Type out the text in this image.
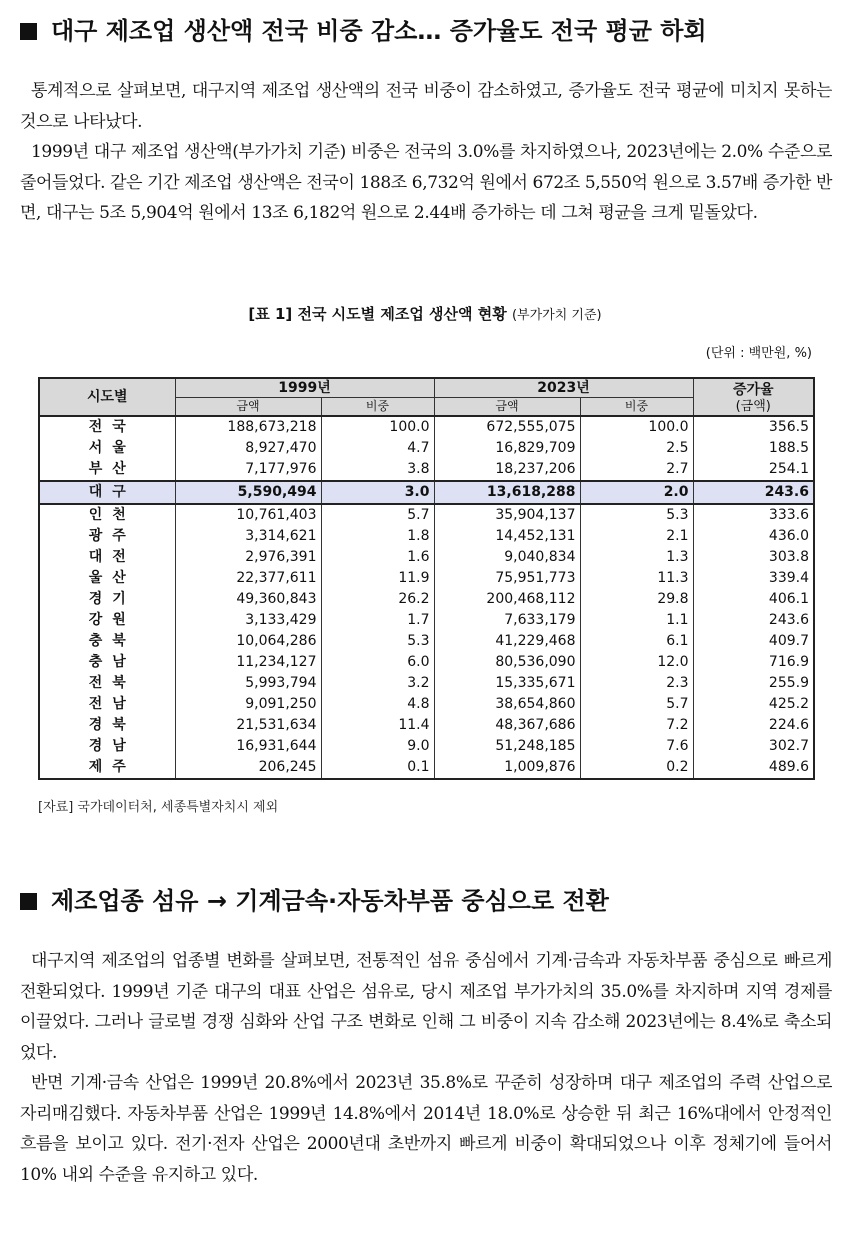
대구 제조업 생산액 전국 비중 감소… 증가율도 전국 평균 하회

통계적으로 살펴보면, 대구지역 제조업 생산액의 전국 비중이 감소하였고, 증가율도 전국 평균에 미치지 못하는 것으로 나타났다.

1999년 대구 제조업 생산액(부가가치 기준) 비중은 전국의 3.0%를 차지하였으나, 2023년에는 2.0% 수준으로 줄어들었다. 같은 기간 제조업 생산액은 전국이 188조 6,732억 원에서 672조 5,550억 원으로 3.57배 증가한 반면, 대구는 5조 5,904억 원에서 13조 6,182억 원으로 2.44배 증가하는 데 그쳐 평균을 크게 밑돌았다.

[표 1] 전국 시도별 제조업 생산액 현황 (부가가치 기준)
(단위 : 백만원, %)
시도별	1999년		2023년		증가율
(금액)

	금액	비중	금액	비중	
전국	188,673,218	100.0	672,555,075	100.0	356.5
서울	8,927,470	4.7	16,829,709	2.5	188.5
부산	7,177,976	3.8	18,237,206	2.7	254.1
대구	5,590,494	3.0	13,618,288	2.0	243.6
인천	10,761,403	5.7	35,904,137	5.3	333.6
광주	3,314,621	1.8	14,452,131	2.1	436.0
대전	2,976,391	1.6	9,040,834	1.3	303.8
울산	22,377,611	11.9	75,951,773	11.3	339.4
경기	49,360,843	26.2	200,468,112	29.8	406.1
강원	3,133,429	1.7	7,633,179	1.1	243.6
충북	10,064,286	5.3	41,229,468	6.1	409.7
충남	11,234,127	6.0	80,536,090	12.0	716.9
전북	5,993,794	3.2	15,335,671	2.3	255.9
전남	9,091,250	4.8	38,654,860	5.7	425.2
경북	21,531,634	11.4	48,367,686	7.2	224.6
경남	16,931,644	9.0	51,248,185	7.6	302.7
제주	206,245	0.1	1,009,876	0.2	489.6
[자료] 국가데이터처, 세종특별자치시 제외
제조업종 섬유 → 기계금속·자동차부품 중심으로 전환

대구지역 제조업의 업종별 변화를 살펴보면, 전통적인 섬유 중심에서 기계·금속과 자동차부품 중심으로 빠르게 전환되었다. 1999년 기준 대구의 대표 산업은 섬유로, 당시 제조업 부가가치의 35.0%를 차지하며 지역 경제를 이끌었다. 그러나 글로벌 경쟁 심화와 산업 구조 변화로 인해 그 비중이 지속 감소해 2023년에는 8.4%로 축소되었다.

반면 기계·금속 산업은 1999년 20.8%에서 2023년 35.8%로 꾸준히 성장하며 대구 제조업의 주력 산업으로 자리매김했다. 자동차부품 산업은 1999년 14.8%에서 2014년 18.0%로 상승한 뒤 최근 16%대에서 안정적인 흐름을 보이고 있다. 전기·전자 산업은 2000년대 초반까지 빠르게 비중이 확대되었으나 이후 정체기에 들어서 10% 내외 수준을 유지하고 있다.
